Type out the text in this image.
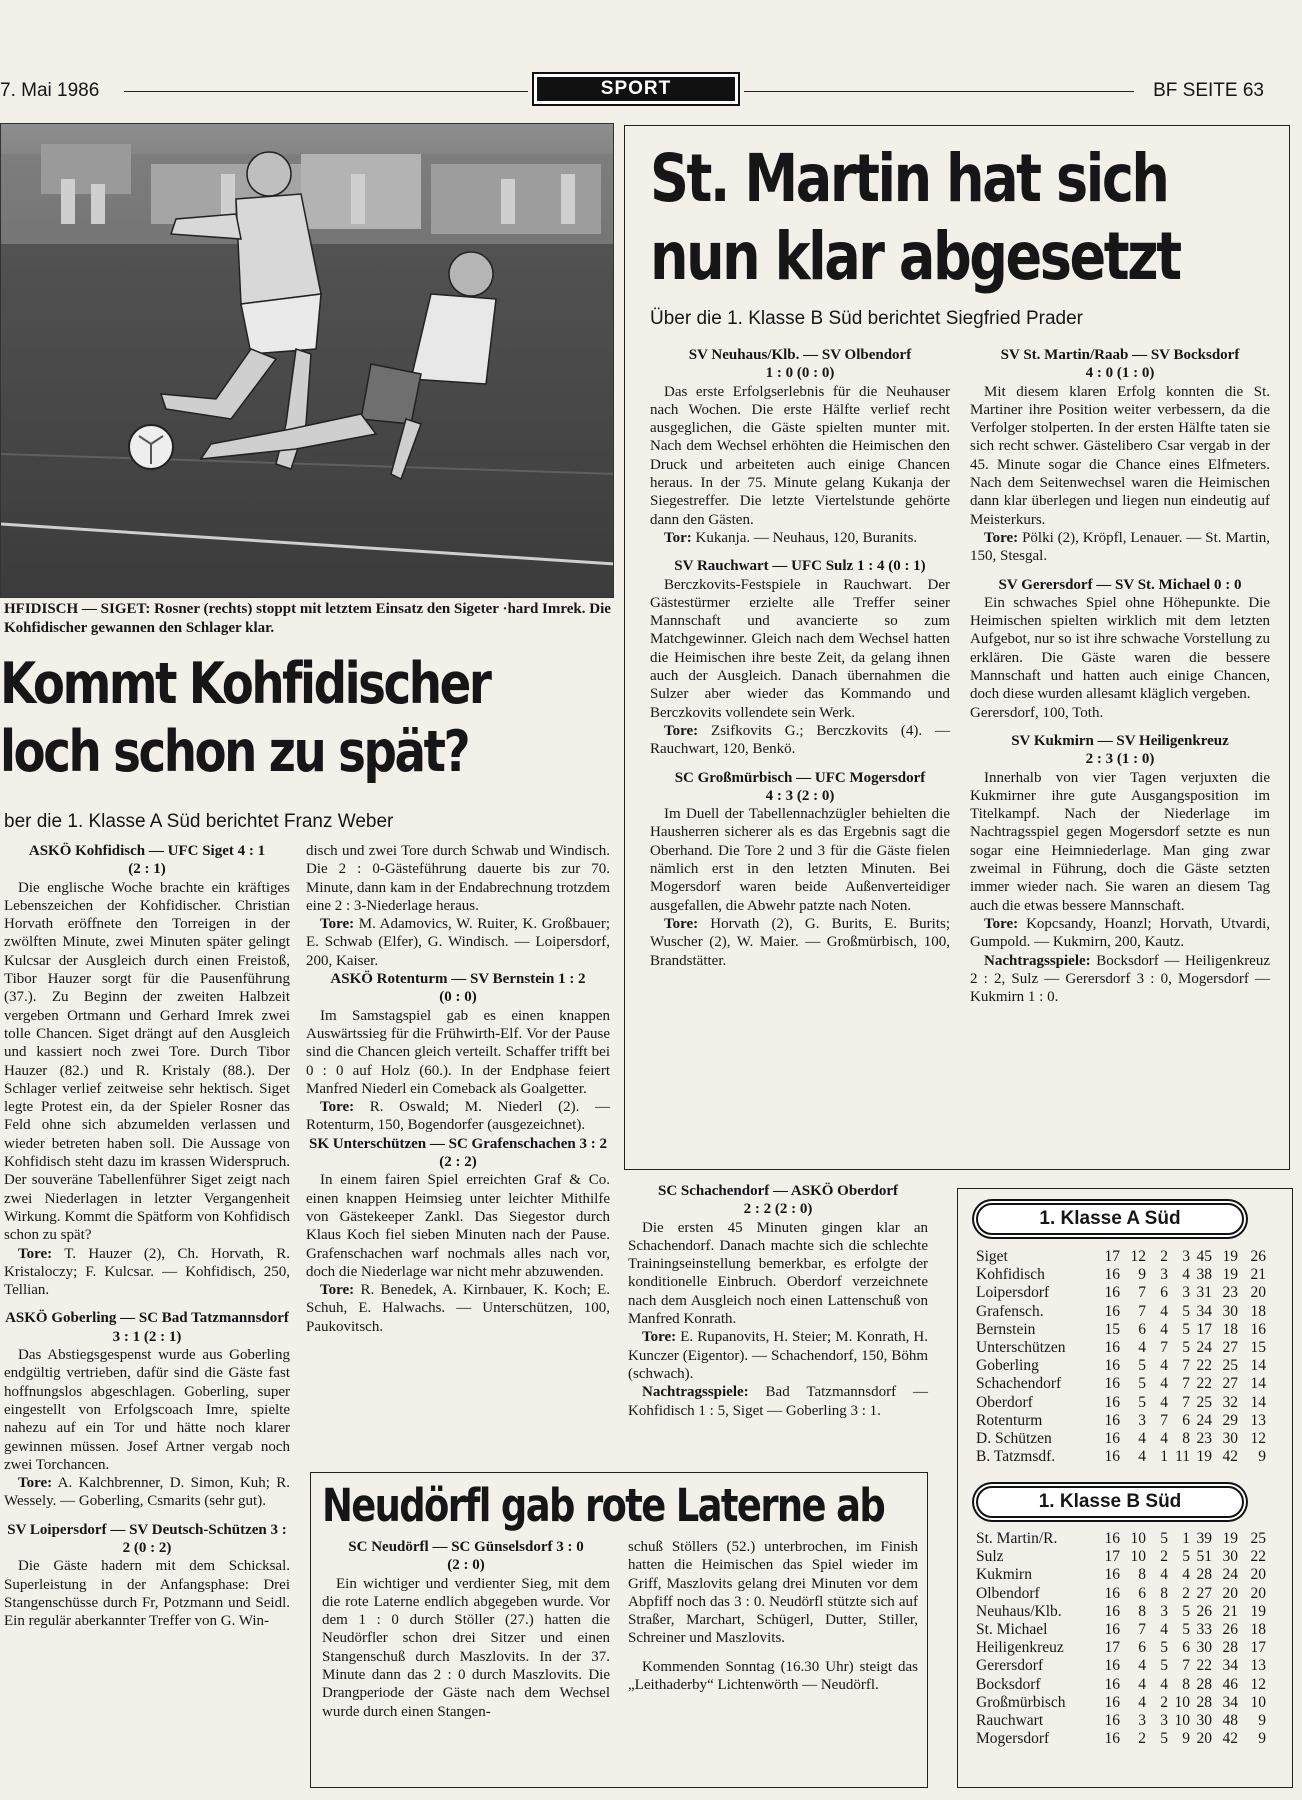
7. Mai 1986	SPORT	BF SEITE 63
HFIDISCH — SIGET: Rosner (rechts) stoppt mit letztem Einsatz den Sigeter ·hard Imrek. Die Kohfidischer gewannen den Schlager klar.
Kommt Kohfidischer
loch schon zu spät?
ber die 1. Klasse A Süd berichtet Franz Weber

ASKÖ Kohfidisch — UFC Siget 4 : 1

(2 : 1)

Die englische Woche brachte ein kräftiges Lebenszeichen der Kohfidischer. Christian Horvath eröffnete den Torreigen in der zwölften Minute, zwei Minuten später gelingt Kulcsar der Ausgleich durch einen Freistoß, Tibor Hauzer sorgt für die Pausenführung (37.). Zu Beginn der zweiten Halbzeit vergeben Ortmann und Gerhard Imrek zwei tolle Chancen. Siget drängt auf den Ausgleich und kassiert noch zwei Tore. Durch Tibor Hauzer (82.) und R. Kristaly (88.). Der Schlager verlief zeitweise sehr hektisch. Siget legte Protest ein, da der Spieler Rosner das Feld ohne sich abzumelden verlassen und wieder betreten haben soll. Die Aussage von Kohfidisch steht dazu im krassen Widerspruch. Der souveräne Tabellenführer Siget zeigt nach zwei Niederlagen in letzter Vergangenheit Wirkung. Kommt die Spätform von Kohfidisch schon zu spät?

Tore: T. Hauzer (2), Ch. Horvath, R. Kristaloczy; F. Kulcsar. — Kohfidisch, 250, Tellian.

ASKÖ Goberling — SC Bad Tatzmannsdorf 3 : 1 (2 : 1)

Das Abstiegsgespenst wurde aus Goberling endgültig vertrieben, dafür sind die Gäste fast hoffnungslos abgeschlagen. Goberling, super eingestellt von Erfolgscoach Imre, spielte nahezu auf ein Tor und hätte noch klarer gewinnen müssen. Josef Artner vergab noch zwei Torchancen.

Tore: A. Kalchbrenner, D. Simon, Kuh; R. Wessely. — Goberling, Csmarits (sehr gut).

SV Loipersdorf — SV Deutsch-Schützen 3 : 2 (0 : 2)

Die Gäste hadern mit dem Schicksal. Superleistung in der Anfangsphase: Drei Stangenschüsse durch Fr, Potzmann und Seidl. Ein regulär aberkannter Treffer von G. Win-

disch und zwei Tore durch Schwab und Windisch. Die 2 : 0-Gästeführung dauerte bis zur 70. Minute, dann kam in der Endabrechnung trotzdem eine 2 : 3-Niederlage heraus.

Tore: M. Adamovics, W. Ruiter, K. Großbauer; E. Schwab (Elfer), G. Windisch. — Loipersdorf, 200, Kaiser.

ASKÖ Rotenturm — SV Bernstein 1 : 2

(0 : 0)

Im Samstagspiel gab es einen knappen Auswärtssieg für die Frühwirth-Elf. Vor der Pause sind die Chancen gleich verteilt. Schaffer trifft bei 0 : 0 auf Holz (60.). In der Endphase feiert Manfred Niederl ein Comeback als Goalgetter.

Tore: R. Oswald; M. Niederl (2). — Rotenturm, 150, Bogendorfer (ausgezeichnet).

SK Unterschützen — SC Grafenschachen 3 : 2 (2 : 2)

In einem fairen Spiel erreichten Graf & Co. einen knappen Heimsieg unter leichter Mithilfe von Gästekeeper Zankl. Das Siegestor durch Klaus Koch fiel sieben Minuten nach der Pause. Grafenschachen warf nochmals alles nach vor, doch die Niederlage war nicht mehr abzuwenden.

Tore: R. Benedek, A. Kirnbauer, K. Koch; E. Schuh, E. Halwachs. — Unterschützen, 100, Paukovitsch.

St. Martin hat sich
nun klar abgesetzt
Über die 1. Klasse B Süd berichtet Siegfried Prader

SV Neuhaus/Klb. — SV Olbendorf

1 : 0 (0 : 0)

Das erste Erfolgserlebnis für die Neuhauser nach Wochen. Die erste Hälfte verlief recht ausgeglichen, die Gäste spielten munter mit. Nach dem Wechsel erhöhten die Heimischen den Druck und arbeiteten auch einige Chancen heraus. In der 75. Minute gelang Kukanja der Siegestreffer. Die letzte Viertelstunde gehörte dann den Gästen.

Tor: Kukanja. — Neuhaus, 120, Buranits.

SV Rauchwart — UFC Sulz 1 : 4 (0 : 1)

Berczkovits-Festspiele in Rauchwart. Der Gästestürmer erzielte alle Treffer seiner Mannschaft und avancierte so zum Matchgewinner. Gleich nach dem Wechsel hatten die Heimischen ihre beste Zeit, da gelang ihnen auch der Ausgleich. Danach übernahmen die Sulzer aber wieder das Kommando und Berczkovits vollendete sein Werk.

Tore: Zsifkovits G.; Berczkovits (4). — Rauchwart, 120, Benkö.

SC Großmürbisch — UFC Mogersdorf

4 : 3 (2 : 0)

Im Duell der Tabellennachzügler behielten die Hausherren sicherer als es das Ergebnis sagt die Oberhand. Die Tore 2 und 3 für die Gäste fielen nämlich erst in den letzten Minuten. Bei Mogersdorf waren beide Außenverteidiger ausgefallen, die Abwehr patzte nach Noten.

Tore: Horvath (2), G. Burits, E. Burits; Wuscher (2), W. Maier. — Großmürbisch, 100, Brandstätter.

SV St. Martin/Raab — SV Bocksdorf

4 : 0 (1 : 0)

Mit diesem klaren Erfolg konnten die St. Martiner ihre Position weiter verbessern, da die Verfolger stolperten. In der ersten Hälfte taten sie sich recht schwer. Gästelibero Csar vergab in der 45. Minute sogar die Chance eines Elfmeters. Nach dem Seitenwechsel waren die Heimischen dann klar überlegen und liegen nun eindeutig auf Meisterkurs.

Tore: Pölki (2), Kröpfl, Lenauer. — St. Martin, 150, Stesgal.

SV Gerersdorf — SV St. Michael 0 : 0

Ein schwaches Spiel ohne Höhepunkte. Die Heimischen spielten wirklich mit dem letzten Aufgebot, nur so ist ihre schwache Vorstellung zu erklären. Die Gäste waren die bessere Mannschaft und hatten auch einige Chancen, doch diese wurden allesamt kläglich vergeben.

Gerersdorf, 100, Toth.

SV Kukmirn — SV Heiligenkreuz

2 : 3 (1 : 0)

Innerhalb von vier Tagen verjuxten die Kukmirner ihre gute Ausgangsposition im Titelkampf. Nach der Niederlage im Nachtragsspiel gegen Mogersdorf setzte es nun sogar eine Heimniederlage. Man ging zwar zweimal in Führung, doch die Gäste setzten immer wieder nach. Sie waren an diesem Tag auch die etwas bessere Mannschaft.

Tore: Kopcsandy, Hoanzl; Horvath, Utvardi, Gumpold. — Kukmirn, 200, Kautz.

Nachtragsspiele: Bocksdorf — Heiligenkreuz 2 : 2, Sulz — Gerersdorf 3 : 0, Mogersdorf — Kukmirn 1 : 0.

SC Schachendorf — ASKÖ Oberdorf

2 : 2 (2 : 0)

Die ersten 45 Minuten gingen klar an Schachendorf. Danach machte sich die schlechte Trainingseinstellung bemerkbar, es erfolgte der konditionelle Einbruch. Oberdorf verzeichnete nach dem Ausgleich noch einen Lattenschuß von Manfred Konrath.

Tore: E. Rupanovits, H. Steier; M. Konrath, H. Kunczer (Eigentor). — Schachendorf, 150, Böhm (schwach).

Nachtragsspiele: Bad Tatzmannsdorf — Kohfidisch 1 : 5, Siget — Goberling 3 : 1.

Neudörfl gab rote Laterne ab

SC Neudörfl — SC Günselsdorf 3 : 0

(2 : 0)

Ein wichtiger und verdienter Sieg, mit dem die rote Laterne endlich abgegeben wurde. Vor dem 1 : 0 durch Stöller (27.) hatten die Neudörfler schon drei Sitzer und einen Stangenschuß durch Maszlovits. In der 37. Minute dann das 2 : 0 durch Maszlovits. Die Drangperiode der Gäste nach dem Wechsel wurde durch einen Stangen-

schuß Stöllers (52.) unterbrochen, im Finish hatten die Heimischen das Spiel wieder im Griff, Maszlovits gelang drei Minuten vor dem Abpfiff noch das 3 : 0. Neudörfl stützte sich auf Straßer, Marchart, Schügerl, Dutter, Stiller, Schreiner und Maszlovits.

Kommenden Sonntag (16.30 Uhr) steigt das „Leithaderby“ Lichtenwörth — Neudörfl.

1. Klasse A Süd
Siget	17	12	2	3	45	19	26
Kohfidisch	16	9	3	4	38	19	21
Loipersdorf	16	7	6	3	31	23	20
Grafensch.	16	7	4	5	34	30	18
Bernstein	15	6	4	5	17	18	16
Unterschützen	16	4	7	5	24	27	15
Goberling	16	5	4	7	22	25	14
Schachendorf	16	5	4	7	22	27	14
Oberdorf	16	5	4	7	25	32	14
Rotenturm	16	3	7	6	24	29	13
D. Schützen	16	4	4	8	23	30	12
B. Tatzmsdf.	16	4	1	11	19	42	9
1. Klasse B Süd
St. Martin/R.	16	10	5	1	39	19	25
Sulz	17	10	2	5	51	30	22
Kukmirn	16	8	4	4	28	24	20
Olbendorf	16	6	8	2	27	20	20
Neuhaus/Klb.	16	8	3	5	26	21	19
St. Michael	16	7	4	5	33	26	18
Heiligenkreuz	17	6	5	6	30	28	17
Gerersdorf	16	4	5	7	22	34	13
Bocksdorf	16	4	4	8	28	46	12
Großmürbisch	16	4	2	10	28	34	10
Rauchwart	16	3	3	10	30	48	9
Mogersdorf	16	2	5	9	20	42	9
